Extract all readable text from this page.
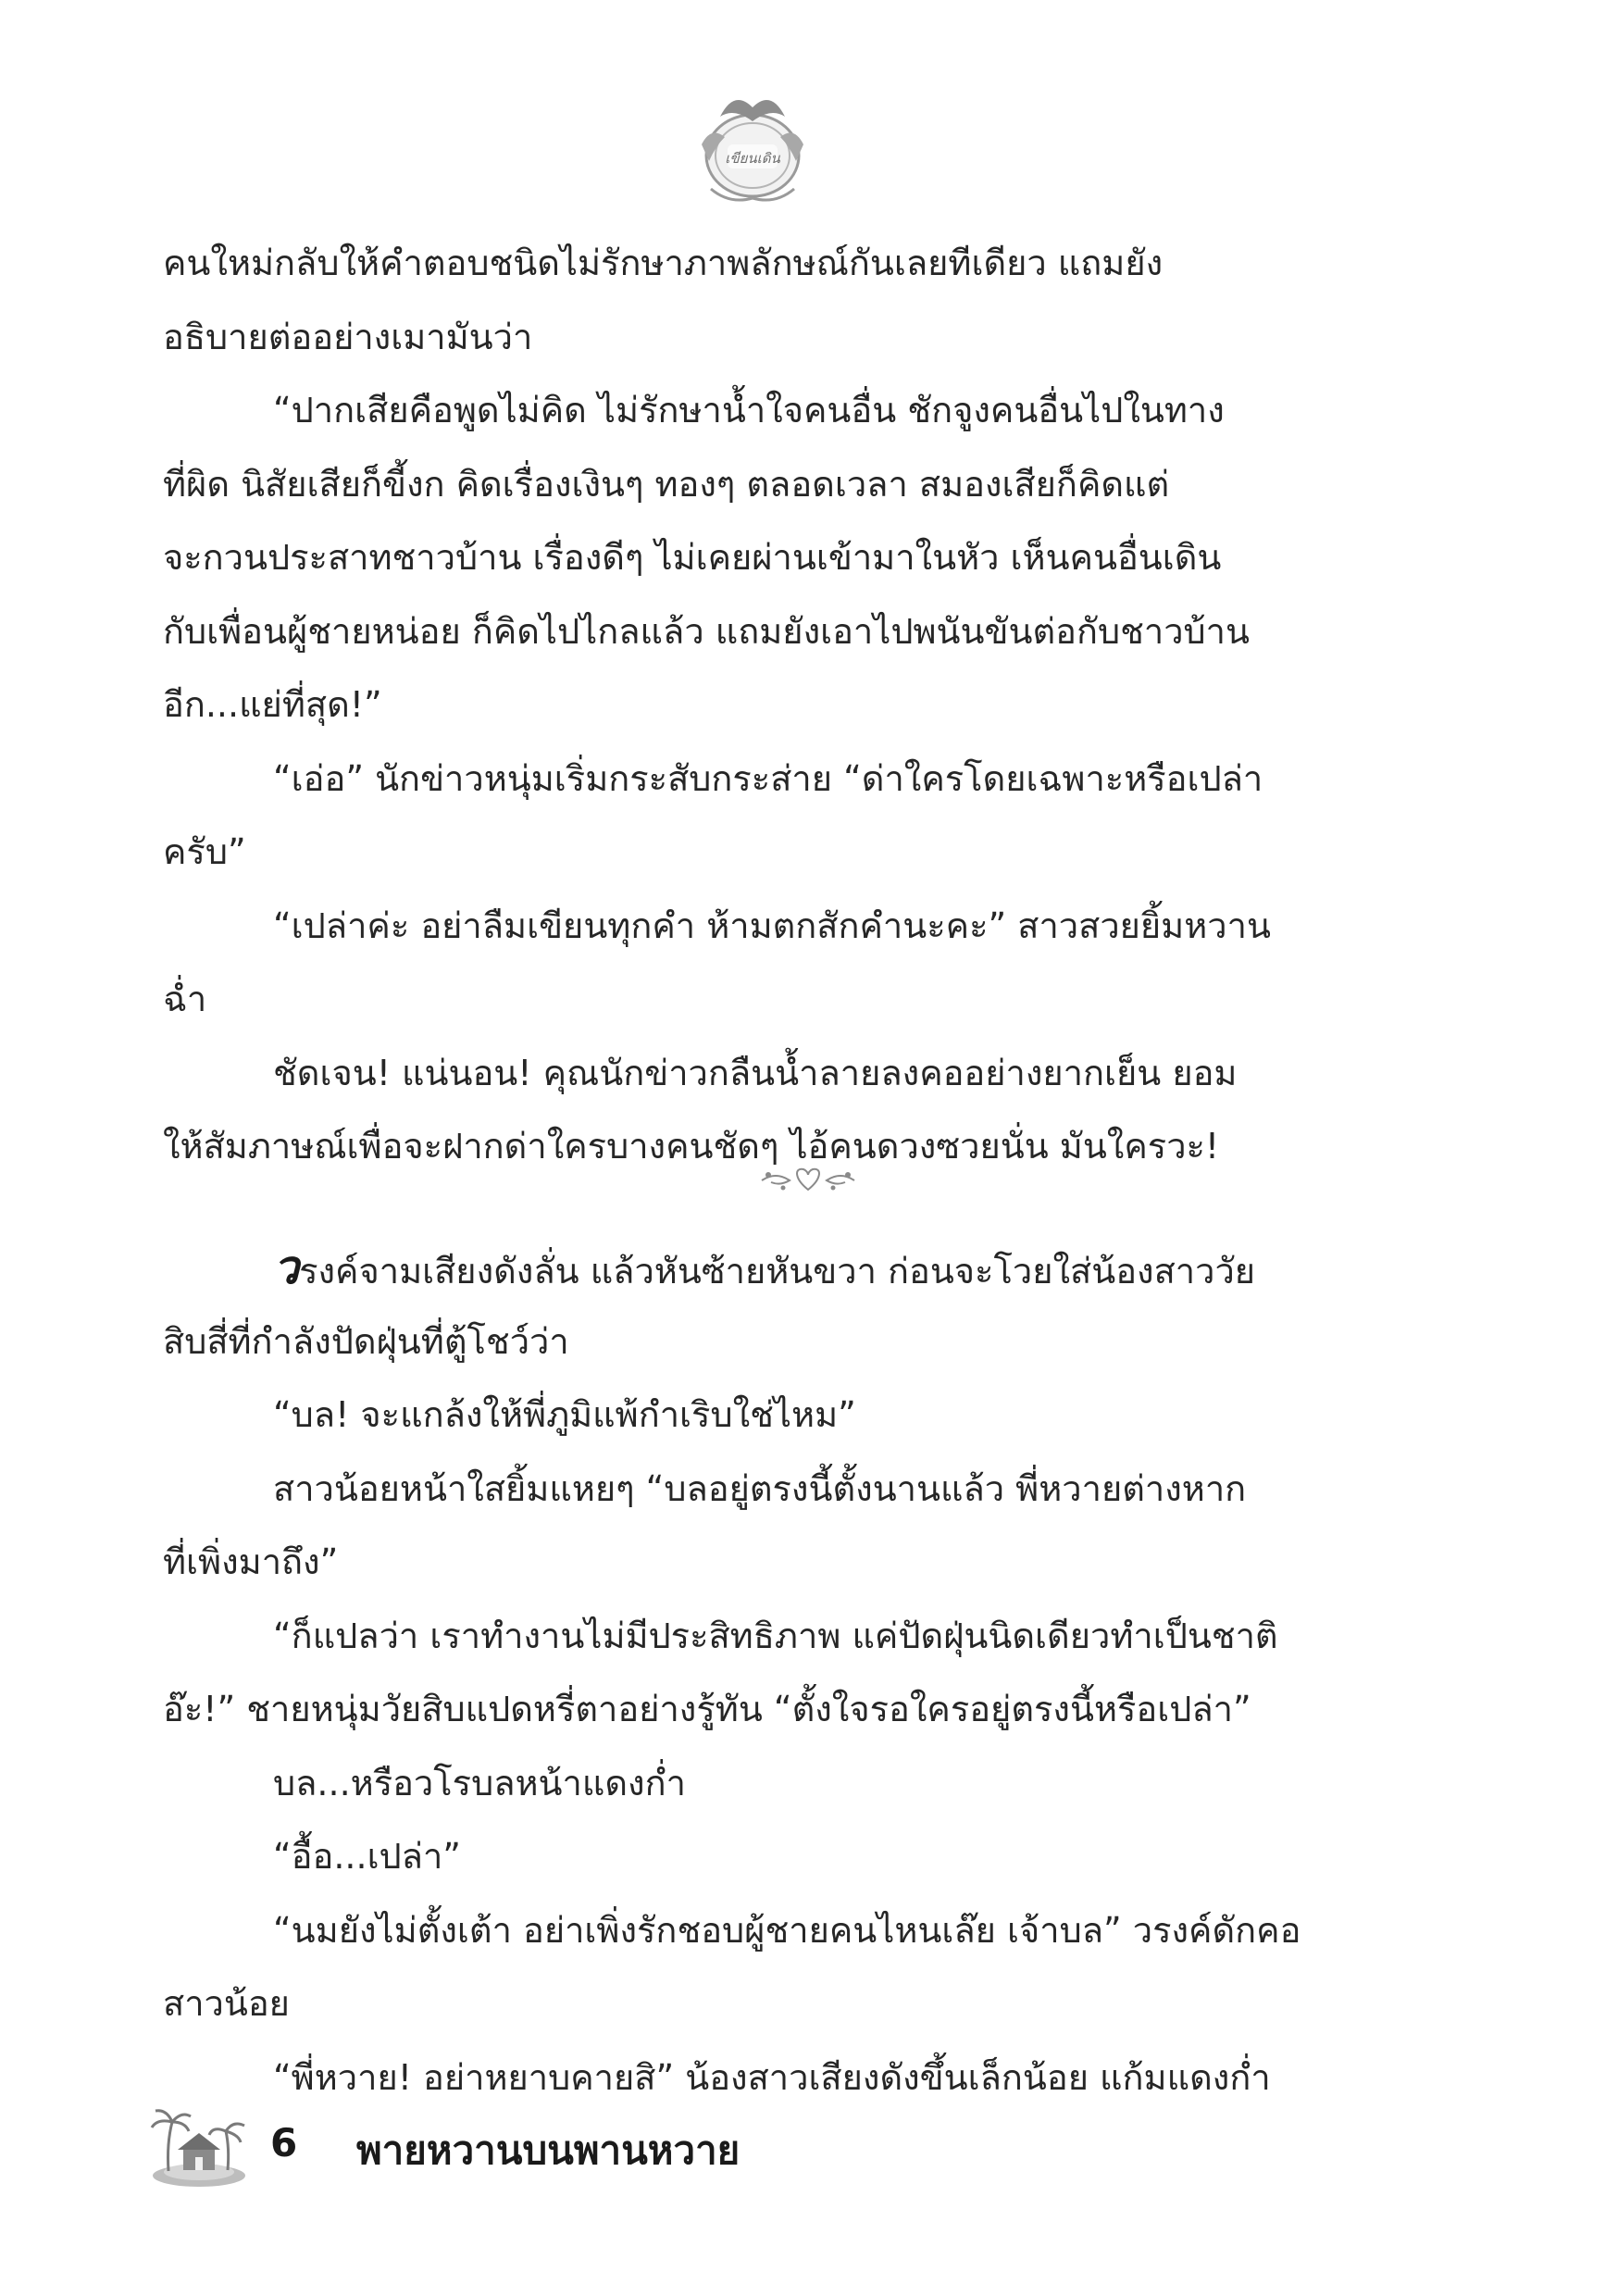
เขียนเดิน
คนใหม่กลับให้คำตอบชนิดไม่รักษาภาพลักษณ์กันเลยทีเดียว แถมยัง
อธิบายต่ออย่างเมามันว่า
“ปากเสียคือพูดไม่คิด ไม่รักษาน้ำใจคนอื่น ชักจูงคนอื่นไปในทาง
ที่ผิด นิสัยเสียก็ขี้งก คิดเรื่องเงินๆ ทองๆ ตลอดเวลา สมองเสียก็คิดแต่
จะกวนประสาทชาวบ้าน เรื่องดีๆ ไม่เคยผ่านเข้ามาในหัว เห็นคนอื่นเดิน
กับเพื่อนผู้ชายหน่อย ก็คิดไปไกลแล้ว แถมยังเอาไปพนันขันต่อกับชาวบ้าน
อีก...แย่ที่สุด!”
“เอ่อ” นักข่าวหนุ่มเริ่มกระสับกระส่าย “ด่าใครโดยเฉพาะหรือเปล่า
ครับ”
“เปล่าค่ะ อย่าลืมเขียนทุกคำ ห้ามตกสักคำนะคะ” สาวสวยยิ้มหวาน
ฉ่ำ
ชัดเจน! แน่นอน! คุณนักข่าวกลืนน้ำลายลงคออย่างยากเย็น ยอม
ให้สัมภาษณ์เพื่อจะฝากด่าใครบางคนชัดๆ ไอ้คนดวงซวยนั่น มันใครวะ!
วรงค์จามเสียงดังลั่น แล้วหันซ้ายหันขวา ก่อนจะโวยใส่น้องสาววัย
สิบสี่ที่กำลังปัดฝุ่นที่ตู้โชว์ว่า
“บล! จะแกล้งให้พี่ภูมิแพ้กำเริบใช่ไหม”
สาวน้อยหน้าใสยิ้มแหยๆ “บลอยู่ตรงนี้ตั้งนานแล้ว พี่หวายต่างหาก
ที่เพิ่งมาถึง”
“ก็แปลว่า เราทำงานไม่มีประสิทธิภาพ แค่ปัดฝุ่นนิดเดียวทำเป็นชาติ
อ๊ะ!” ชายหนุ่มวัยสิบแปดหรี่ตาอย่างรู้ทัน “ตั้งใจรอใครอยู่ตรงนี้หรือเปล่า”
บล...หรือวโรบลหน้าแดงก่ำ
“อื้อ...เปล่า”
“นมยังไม่ตั้งเต้า อย่าเพิ่งรักชอบผู้ชายคนไหนเล๊ย เจ้าบล” วรงค์ดักคอ
สาวน้อย
“พี่หวาย! อย่าหยาบคายสิ” น้องสาวเสียงดังขึ้นเล็กน้อย แก้มแดงก่ำ
6 พายหวานบนพานหวาย
